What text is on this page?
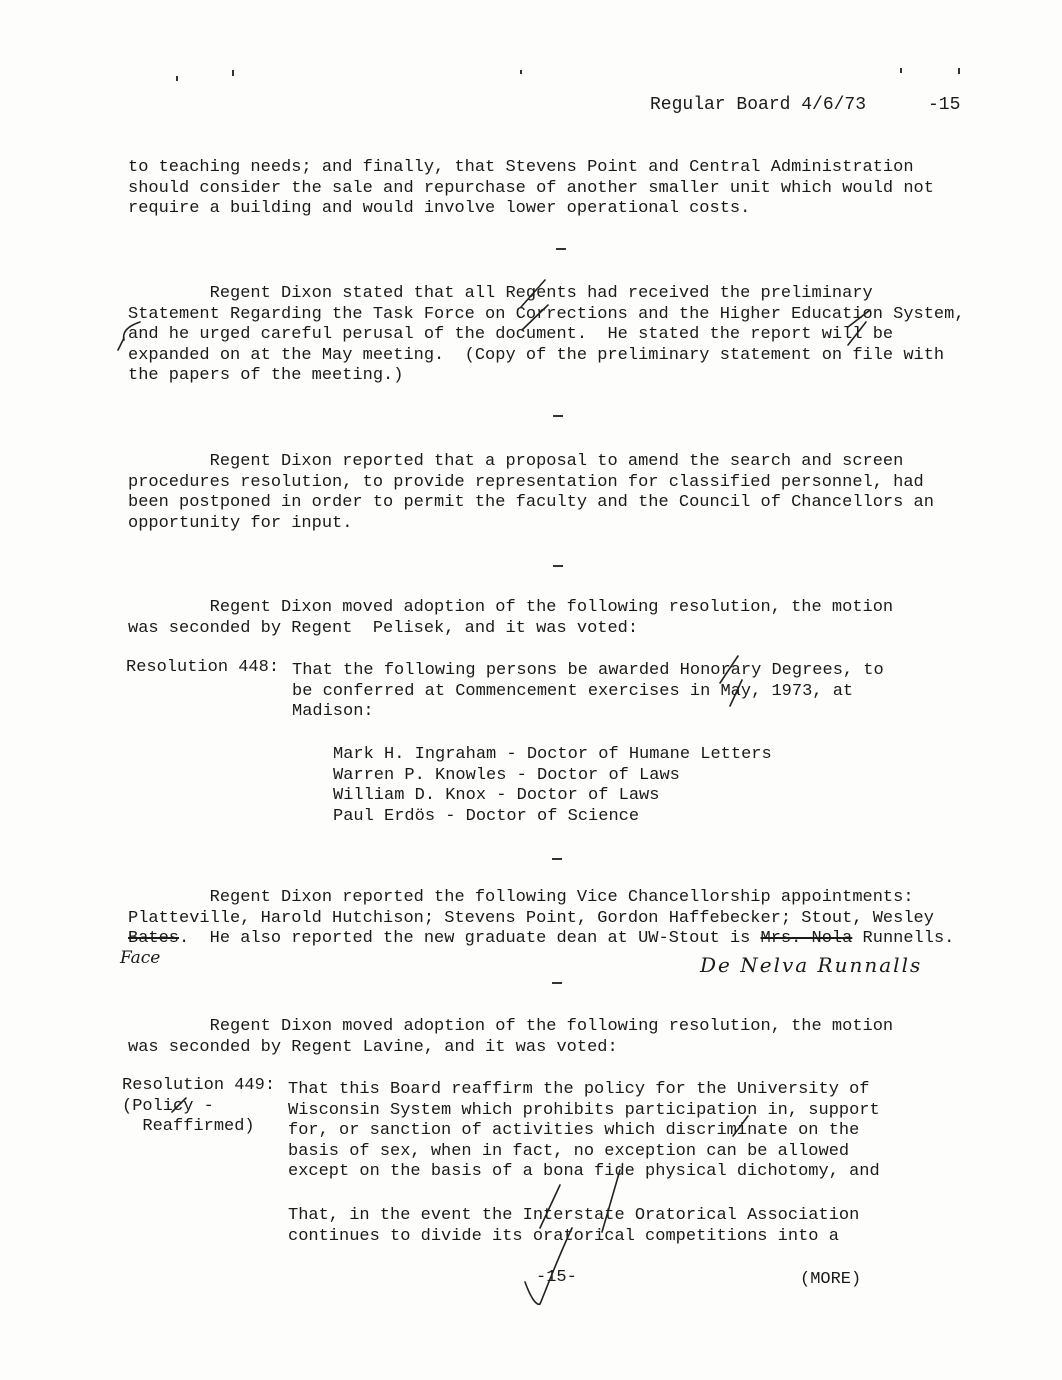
Regular Board 4/6/73	-15
to teaching needs; and finally, that Stevens Point and Central Administration
should consider the sale and repurchase of another smaller unit which would not
require a building and would involve lower operational costs.
Regent Dixon stated that all Regents had received the preliminary
Statement Regarding the Task Force on Corrections and the Higher Education System,
and he urged careful perusal of the document.  He stated the report will be
expanded on at the May meeting.  (Copy of the preliminary statement on file with
the papers of the meeting.)
Regent Dixon reported that a proposal to amend the search and screen
procedures resolution, to provide representation for classified personnel, had
been postponed in order to permit the faculty and the Council of Chancellors an
opportunity for input.
Regent Dixon moved adoption of the following resolution, the motion
was seconded by Regent  Pelisek, and it was voted:
Resolution 448: That the following persons be awarded Honorary Degrees, to
be conferred at Commencement exercises in May, 1973, at
Madison:
Mark H. Ingraham - Doctor of Humane Letters
Warren P. Knowles - Doctor of Laws
William D. Knox - Doctor of Laws
Paul Erdös - Doctor of Science
Regent Dixon reported the following Vice Chancellorship appointments:
Platteville, Harold Hutchison; Stevens Point, Gordon Haffebecker; Stout, Wesley
Bates.  He also reported the new graduate dean at UW-Stout is Mrs. Nola Runnells.
Face	De Nelva Runnalls
Regent Dixon moved adoption of the following resolution, the motion
was seconded by Regent Lavine, and it was voted:
Resolution 449:
(Policy -
Reaffirmed)
That this Board reaffirm the policy for the University of
Wisconsin System which prohibits participation in, support
for, or sanction of activities which discriminate on the
basis of sex, when in fact, no exception can be allowed
except on the basis of a bona fide physical dichotomy, and
That, in the event the Interstate Oratorical Association
continues to divide its oratorical competitions into a
-15-	(MORE)
